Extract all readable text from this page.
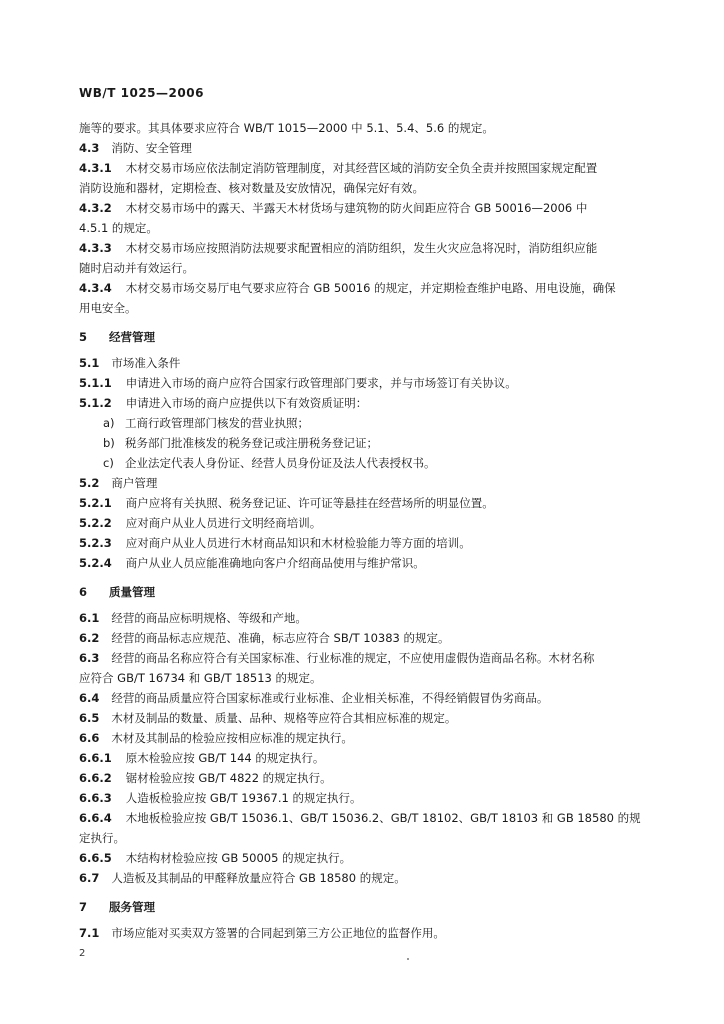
WB/T 1025—2006
施等的要求。其具体要求应符合 WB/T 1015—2000 中 5.1、5.4、5.6 的规定。
4.3 消防、安全管理
4.3.1 木材交易市场应依法制定消防管理制度，对其经营区域的消防安全负全责并按照国家规定配置
消防设施和器材，定期检查、核对数量及安放情况，确保完好有效。
4.3.2 木材交易市场中的露天、半露天木材货场与建筑物的防火间距应符合 GB 50016—2006 中
4.5.1 的规定。
4.3.3 木材交易市场应按照消防法规要求配置相应的消防组织，发生火灾应急将况时，消防组织应能
随时启动并有效运行。
4.3.4 木材交易市场交易厅电气要求应符合 GB 50016 的规定，并定期检查维护电路、用电设施，确保
用电安全。
5 经营管理
5.1 市场准入条件
5.1.1 申请进入市场的商户应符合国家行政管理部门要求，并与市场签订有关协议。
5.1.2 申请进入市场的商户应提供以下有效资质证明：
a) 工商行政管理部门核发的营业执照；
b) 税务部门批准核发的税务登记或注册税务登记证；
c) 企业法定代表人身份证、经营人员身份证及法人代表授权书。
5.2 商户管理
5.2.1 商户应将有关执照、税务登记证、许可证等悬挂在经营场所的明显位置。
5.2.2 应对商户从业人员进行文明经商培训。
5.2.3 应对商户从业人员进行木材商品知识和木材检验能力等方面的培训。
5.2.4 商户从业人员应能准确地向客户介绍商品使用与维护常识。
6 质量管理
6.1 经营的商品应标明规格、等级和产地。
6.2 经营的商品标志应规范、准确，标志应符合 SB/T 10383 的规定。
6.3 经营的商品名称应符合有关国家标准、行业标准的规定，不应使用虚假伪造商品名称。木材名称
应符合 GB/T 16734 和 GB/T 18513 的规定。
6.4 经营的商品质量应符合国家标准或行业标准、企业相关标准，不得经销假冒伪劣商品。
6.5 木材及制品的数量、质量、品种、规格等应符合其相应标准的规定。
6.6 木材及其制品的检验应按相应标准的规定执行。
6.6.1 原木检验应按 GB/T 144 的规定执行。
6.6.2 锯材检验应按 GB/T 4822 的规定执行。
6.6.3 人造板检验应按 GB/T 19367.1 的规定执行。
6.6.4 木地板检验应按 GB/T 15036.1、GB/T 15036.2、GB/T 18102、GB/T 18103 和 GB 18580 的规
定执行。
6.6.5 木结构材检验应按 GB 50005 的规定执行。
6.7 人造板及其制品的甲醛释放量应符合 GB 18580 的规定。
7 服务管理
7.1 市场应能对买卖双方签署的合同起到第三方公正地位的监督作用。
2
